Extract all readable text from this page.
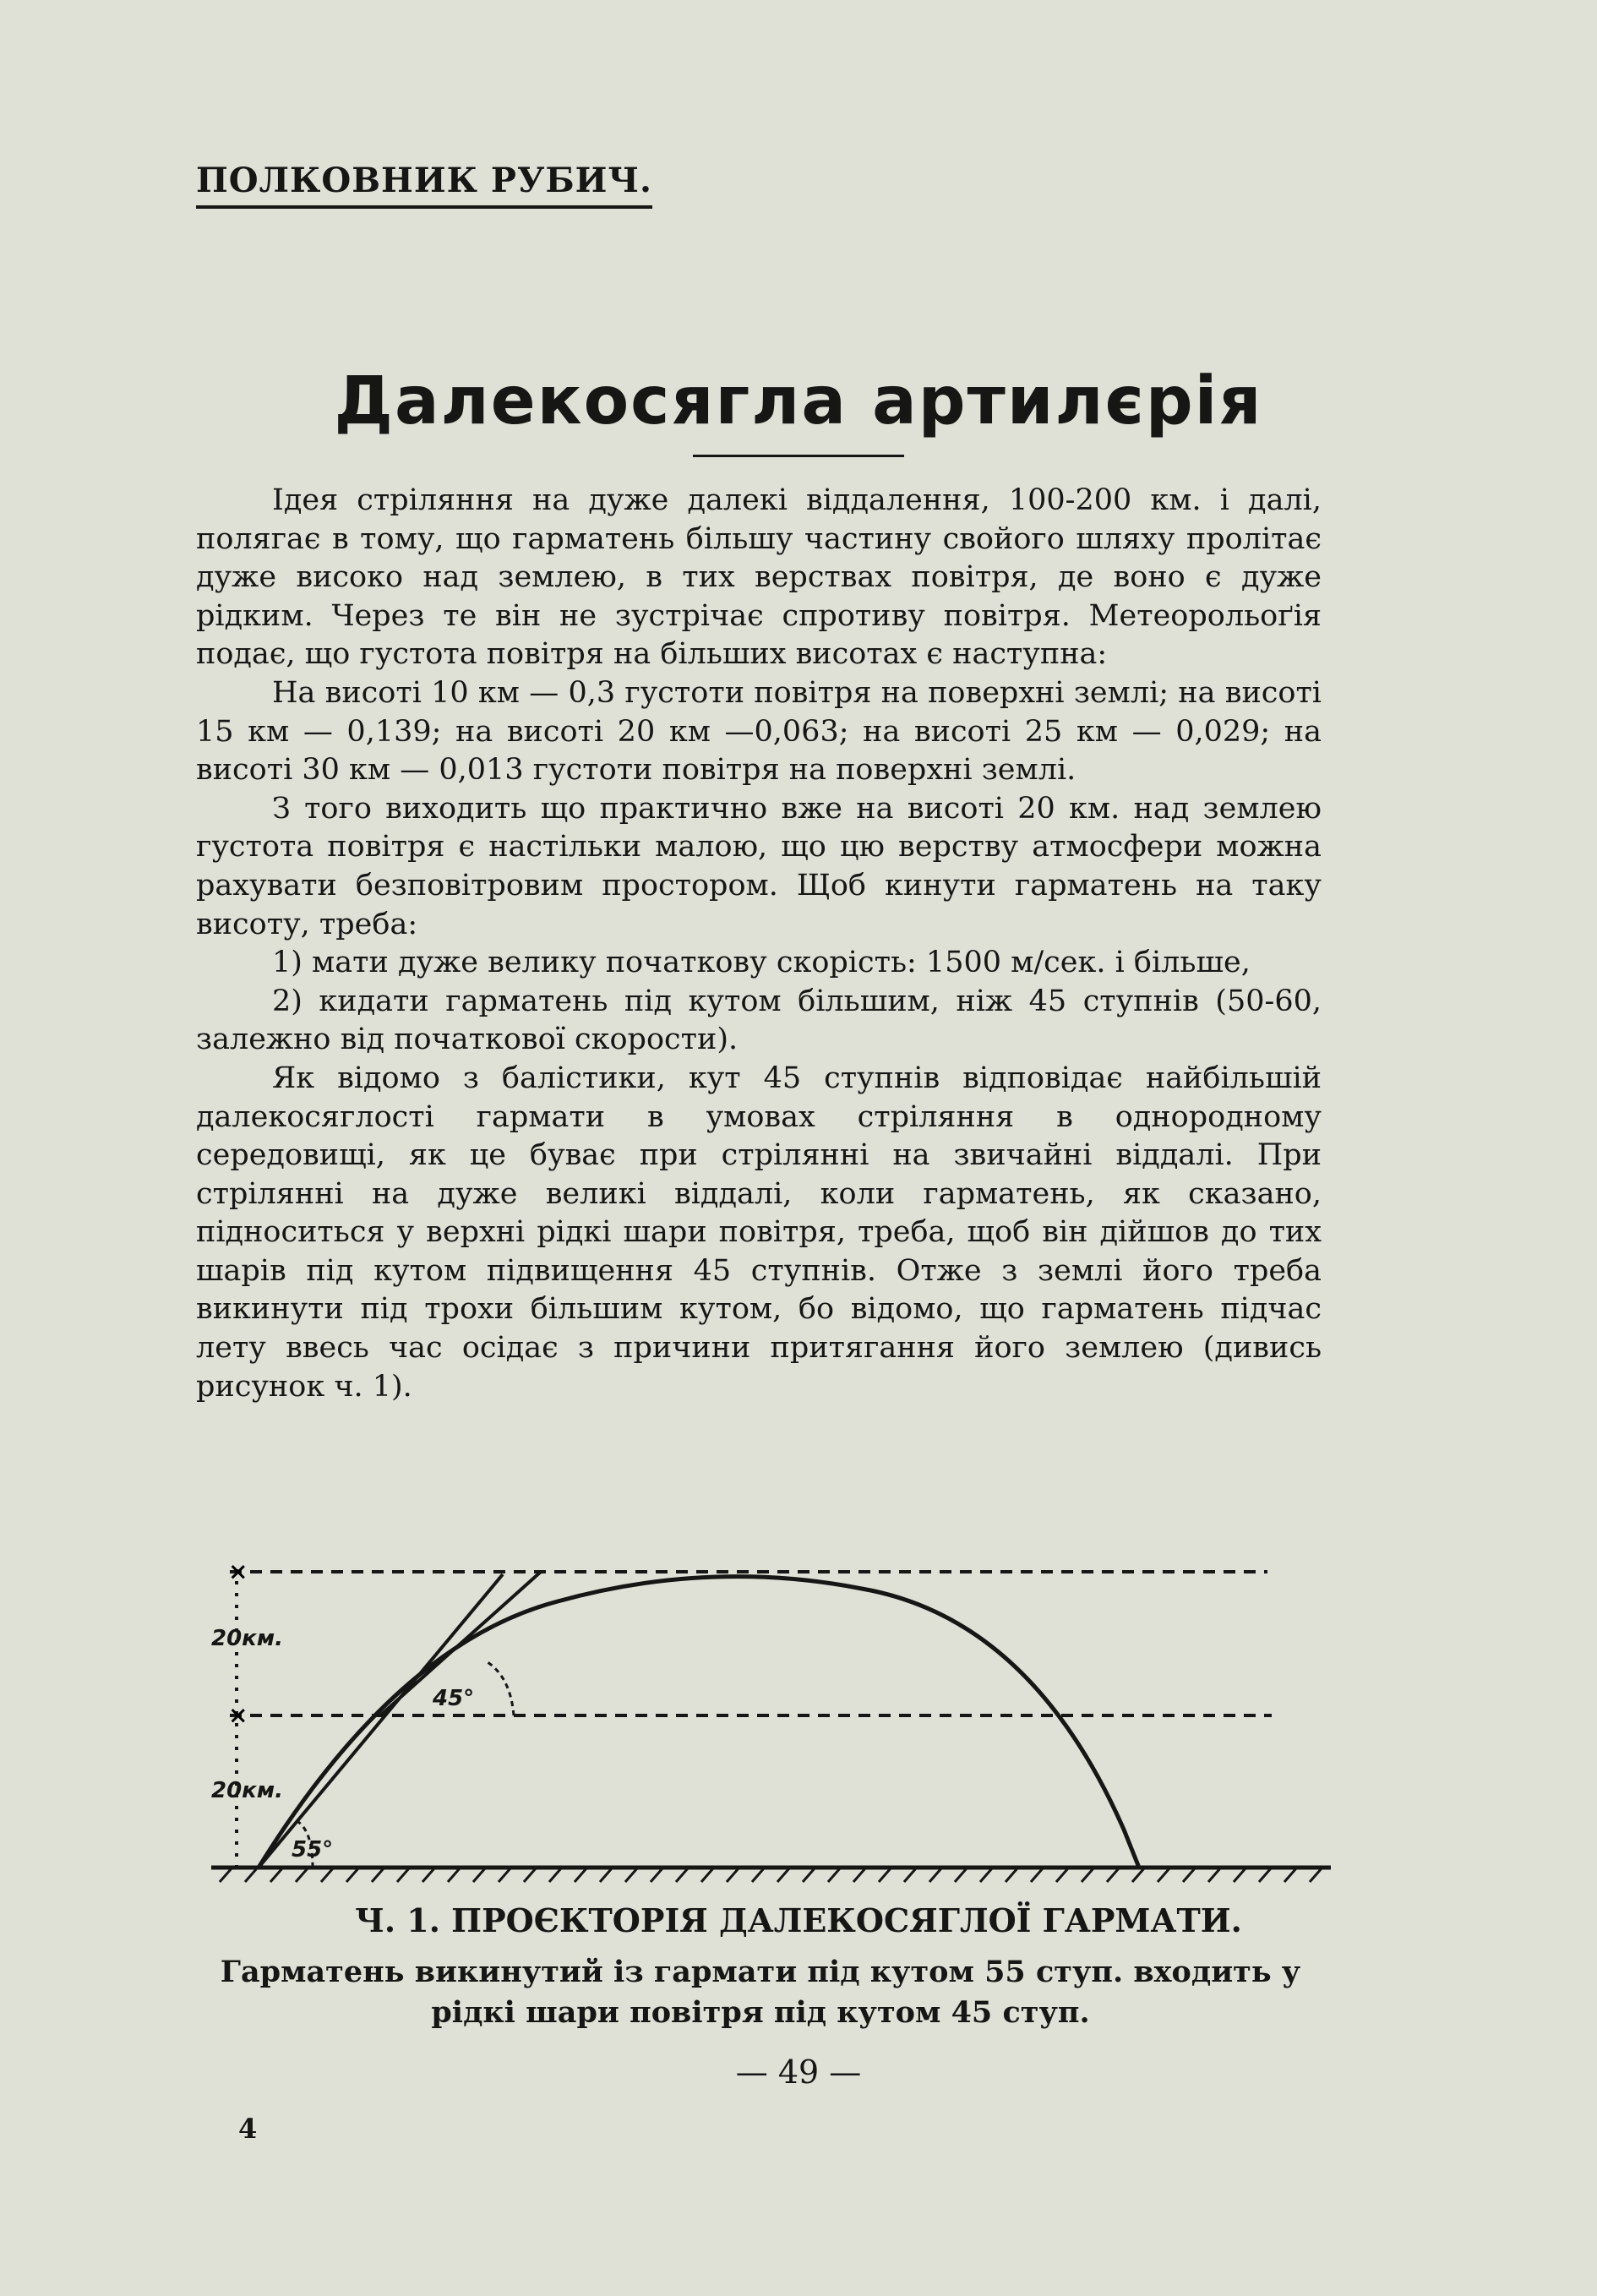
ПОЛКОВНИК РУБИЧ.
Далекосягла артилєрія

Ідея стріляння на дуже далекі віддалення, 100-200 км. і далі, полягає в тому, що гарматень більшу частину свойого шляху пролітає дуже високо над землею, в тих верствах повітря, де воно є дуже рідким. Через те він не зустрічає спротиву повітря. Метеорольоґія подає, що густота повітря на більших висотах є наступна:

На висоті 10 км — 0,3 густоти повітря на поверхні землі; на висоті 15 км — 0,139; на висоті 20 км —0,063; на висоті 25 км — 0,029; на висоті 30 км — 0,013 густоти повітря на поверхні землі.

З того виходить що практично вже на висоті 20 км. над землею густота повітря є настільки малою, що цю верству атмосфери можна рахувати безповітровим простором. Щоб кинути гарматень на таку висоту, треба:

1) мати дуже велику початкову скорість: 1500 м/сек. і більше,

2) кидати гарматень під кутом більшим, ніж 45 ступнів (50-60, залежно від початкової скорости).

Як відомо з балістики, кут 45 ступнів відповідає найбільшій далекосяглості гармати в умовах стріляння в однородному середовищі, як це буває при стрілянні на звичайні віддалі. При стрілянні на дуже великі віддалі, коли гарматень, як сказано, підноситься у верхні рідкі шари повітря, треба, щоб він дійшов до тих шарів під кутом підвищення 45 ступнів. Отже з землі його треба викинути під трохи більшим кутом, бо відомо, що гарматень підчас лету ввесь час осідає з причини притягання його землею (дивись рисунок ч. 1).

×
×
20км.
20км.
45°
55°
Ч. 1. ПРОЄКТОРІЯ ДАЛЕКОСЯГЛОЇ ГАРМАТИ.
Гарматень викинутий із гармати під кутом 55 ступ. входить у рідкі шари повітря під кутом 45 ступ.
— 49 —
4
